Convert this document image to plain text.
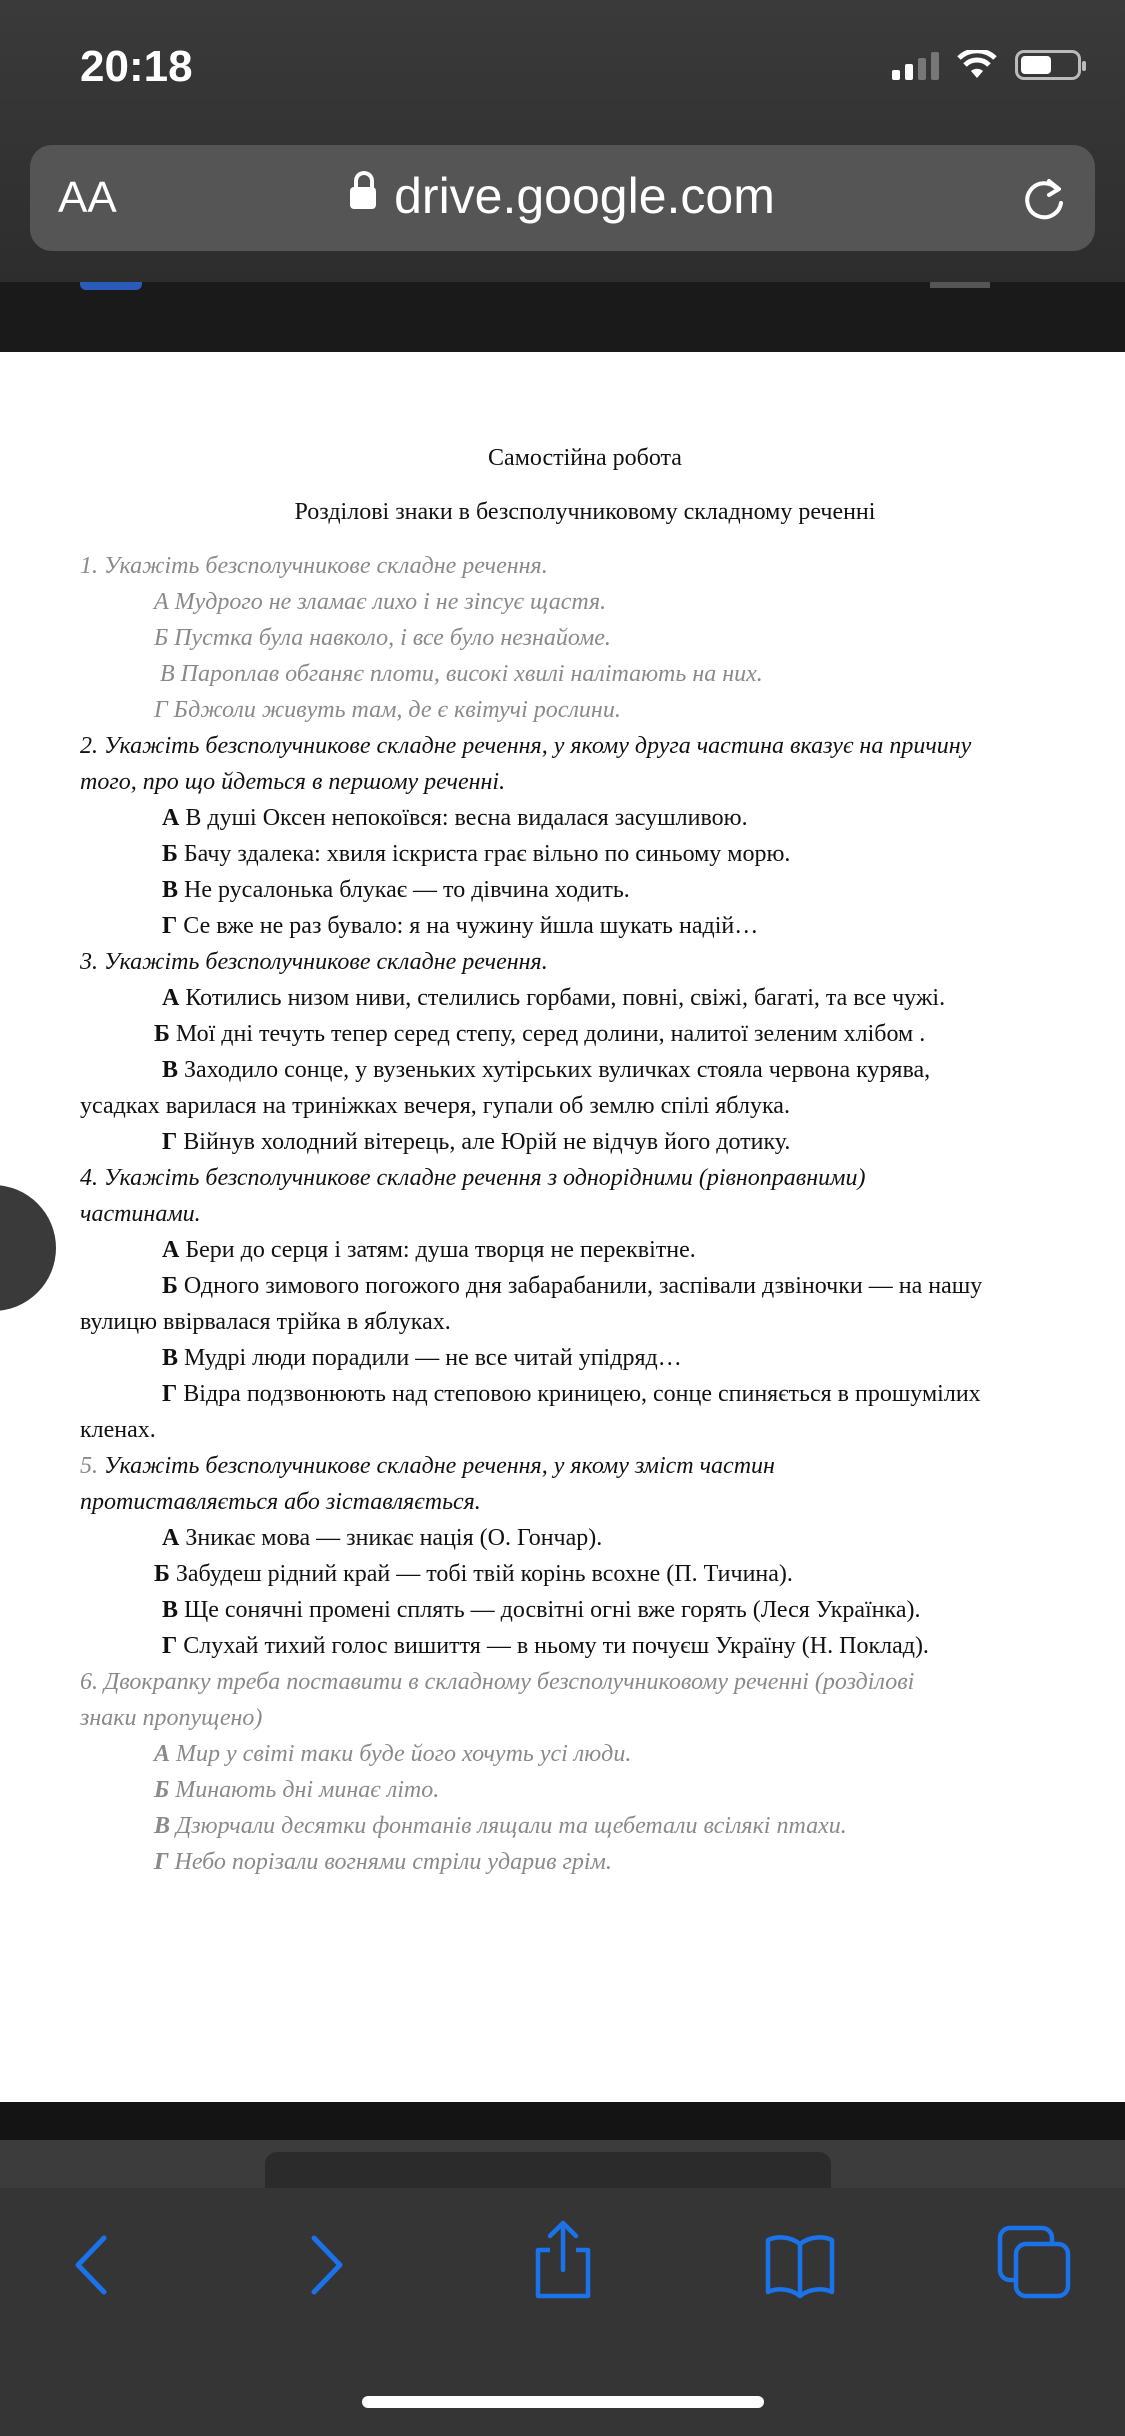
20:18
AA	drive.google.com

Самостійна робота

Розділові знаки в безсполучниковому складному реченні

1. Укажіть безсполучникове складне речення.

А Мудрого не зламає лихо і не зіпсує щастя.

Б Пустка була навколо, і все було незнайоме.

В Пароплав обганяє плоти, високі хвилі налітають на них.

Г Бджоли живуть там, де є квітучі рослини.

2. Укажіть безсполучникове складне речення, у якому друга частина вказує на причину

того, про що йдеться в першому реченні.

А В душі Оксен непокоївся: весна видалася засушливою.

Б Бачу здалека: хвиля іскриста грає вільно по синьому морю.

В Не русалонька блукає — то дівчина ходить.

Г Се вже не раз бувало: я на чужину йшла шукать надій…

3. Укажіть безсполучникове складне речення.

А Котились низом ниви, стелились горбами, повні, свіжі, багаті, та все чужі.

Б Мої дні течуть тепер серед степу, серед долини, налитої зеленим хлібом .

В Заходило сонце, у вузеньких хутірських вуличках стояла червона курява,

усадках варилася на триніжках вечеря, гупали об землю спілі яблука.

Г Війнув холодний вітерець, але Юрій не відчув його дотику.

4. Укажіть безсполучникове складне речення з однорідними (рівноправними)

частинами.

А Бери до серця і затям: душа творця не переквітне.

Б Одного зимового погожого дня забарабанили, заспівали дзвіночки — на нашу

вулицю ввірвалася трійка в яблуках.

В Мудрі люди порадили — не все читай упідряд…

Г Відра подзвонюють над степовою криницею, сонце спиняється в прошумілих

кленах.

5. Укажіть безсполучникове складне речення, у якому зміст частин

протиставляється або зіставляється.

А Зникає мова — зникає нація (О. Гончар).

Б Забудеш рідний край — тобі твій корінь всохне (П. Тичина).

В Ще сонячні промені сплять — досвітні огні вже горять (Леся Українка).

Г Слухай тихий голос вишиття — в ньому ти почуєш Україну (Н. Поклад).

6. Двокрапку треба поставити в складному безсполучниковому реченні (розділові

знаки пропущено)

А Мир у світі таки буде його хочуть усі люди.

Б Минають дні минає літо.

В Дзюрчали десятки фонтанів лящали та щебетали всілякі птахи.

Г Небо порізали вогнями стріли ударив грім.
